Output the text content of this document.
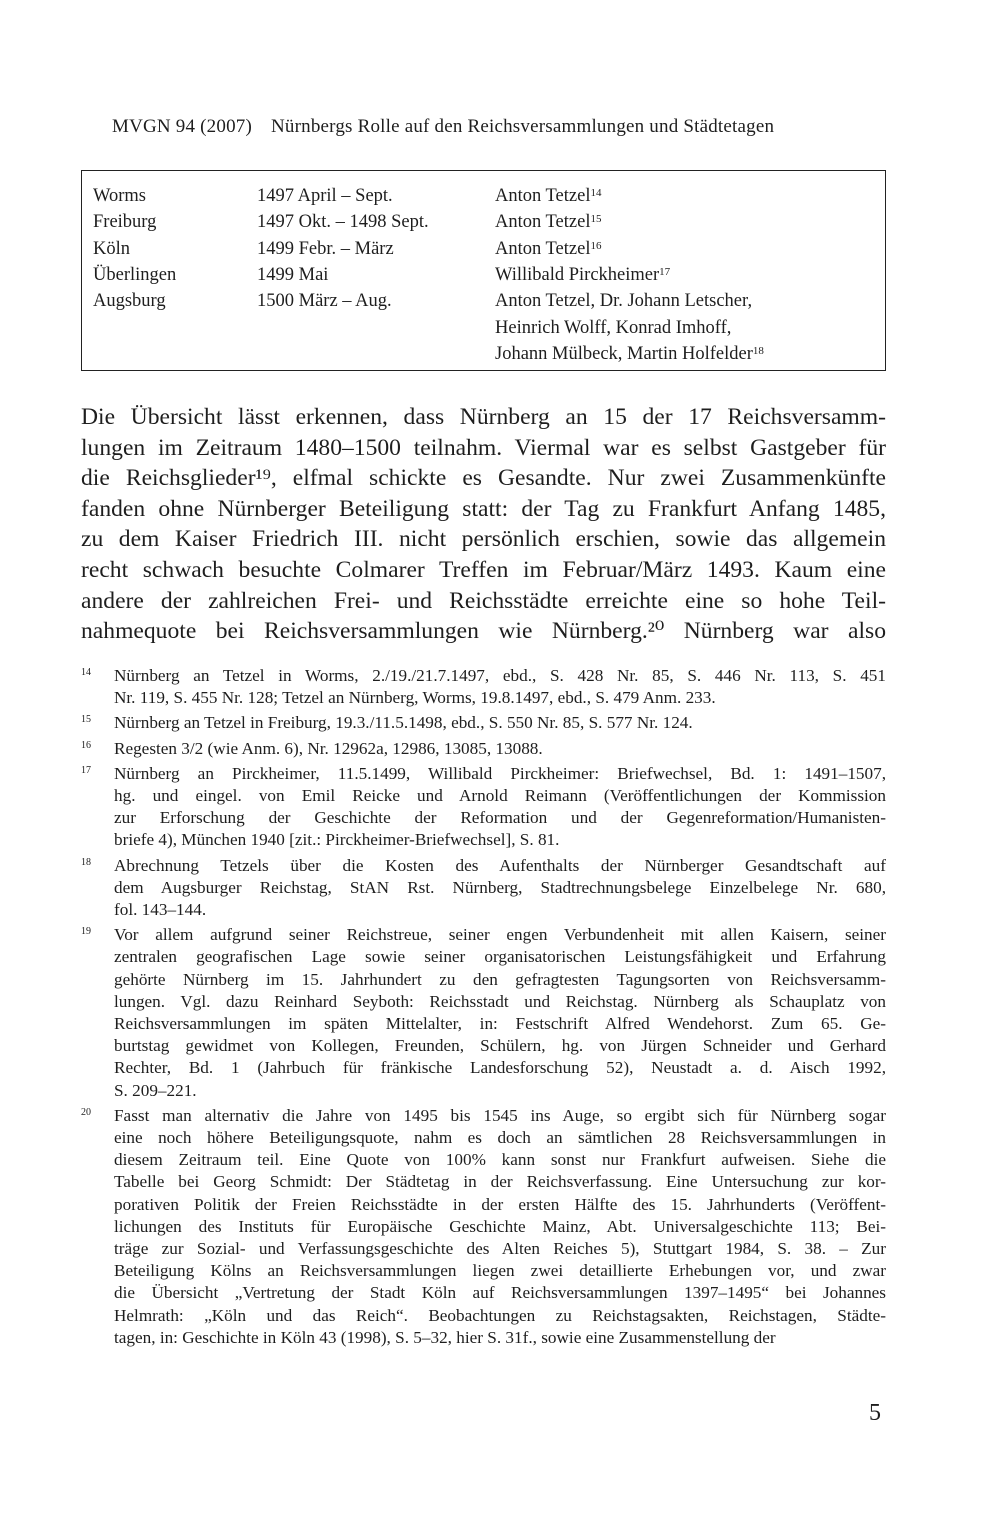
MVGN 94 (2007) Nürnbergs Rolle auf den Reichsversammlungen und Städtetagen
Worms	1497 April – Sept.	Anton Tetzel$^{14}$
Freiburg	1497 Okt. – 1498 Sept.	Anton Tetzel$^{15}$
Köln	1499 Febr. – März	Anton Tetzel$^{16}$
Überlingen	1499 Mai	Willibald Pirckheimer$^{17}$
Augsburg	1500 März – Aug.	Anton Tetzel, Dr. Johann Letscher,
Heinrich Wolff, Konrad Imhoff,
Johann Mülbeck, Martin Holfelder$^{18}$
Die Übersicht lässt erkennen, dass Nürnberg an 15 der 17 Reichsversamm-
lungen im Zeitraum 1480–1500 teilnahm. Viermal war es selbst Gastgeber für
die Reichsglieder¹⁹, elfmal schickte es Gesandte. Nur zwei Zusammenkünfte
fanden ohne Nürnberger Beteiligung statt: der Tag zu Frankfurt Anfang 1485,
zu dem Kaiser Friedrich III. nicht persönlich erschien, sowie das allgemein
recht schwach besuchte Colmarer Treffen im Februar/März 1493. Kaum eine
andere der zahlreichen Frei- und Reichsstädte erreichte eine so hohe Teil-
nahmequote bei Reichsversammlungen wie Nürnberg.²⁰ Nürnberg war also
14 Nürnberg an Tetzel in Worms, 2./19./21.7.1497, ebd., S. 428 Nr. 85, S. 446 Nr. 113, S. 451
Nr. 119, S. 455 Nr. 128; Tetzel an Nürnberg, Worms, 19.8.1497, ebd., S. 479 Anm. 233.
15 Nürnberg an Tetzel in Freiburg, 19.3./11.5.1498, ebd., S. 550 Nr. 85, S. 577 Nr. 124.
16 Regesten 3/2 (wie Anm. 6), Nr. 12962a, 12986, 13085, 13088.
17 Nürnberg an Pirckheimer, 11.5.1499, Willibald Pirckheimer: Briefwechsel, Bd. 1: 1491–1507,
hg. und eingel. von Emil Reicke und Arnold Reimann (Veröffentlichungen der Kommission
zur Erforschung der Geschichte der Reformation und der Gegenreformation/Humanisten-
briefe 4), München 1940 [zit.: Pirckheimer-Briefwechsel], S. 81.
18 Abrechnung Tetzels über die Kosten des Aufenthalts der Nürnberger Gesandtschaft auf
dem Augsburger Reichstag, StAN Rst. Nürnberg, Stadtrechnungsbelege Einzelbelege Nr. 680,
fol. 143–144.
19 Vor allem aufgrund seiner Reichstreue, seiner engen Verbundenheit mit allen Kaisern, seiner
zentralen geografischen Lage sowie seiner organisatorischen Leistungsfähigkeit und Erfahrung
gehörte Nürnberg im 15. Jahrhundert zu den gefragtesten Tagungsorten von Reichsversamm-
lungen. Vgl. dazu Reinhard Seyboth: Reichsstadt und Reichstag. Nürnberg als Schauplatz von
Reichsversammlungen im späten Mittelalter, in: Festschrift Alfred Wendehorst. Zum 65. Ge-
burtstag gewidmet von Kollegen, Freunden, Schülern, hg. von Jürgen Schneider und Gerhard
Rechter, Bd. 1 (Jahrbuch für fränkische Landesforschung 52), Neustadt a. d. Aisch 1992,
S. 209–221.
20 Fasst man alternativ die Jahre von 1495 bis 1545 ins Auge, so ergibt sich für Nürnberg sogar
eine noch höhere Beteiligungsquote, nahm es doch an sämtlichen 28 Reichsversammlungen in
diesem Zeitraum teil. Eine Quote von 100% kann sonst nur Frankfurt aufweisen. Siehe die
Tabelle bei Georg Schmidt: Der Städtetag in der Reichsverfassung. Eine Untersuchung zur kor-
porativen Politik der Freien Reichsstädte in der ersten Hälfte des 15. Jahrhunderts (Veröffent-
lichungen des Instituts für Europäische Geschichte Mainz, Abt. Universalgeschichte 113; Bei-
träge zur Sozial- und Verfassungsgeschichte des Alten Reiches 5), Stuttgart 1984, S. 38. – Zur
Beteiligung Kölns an Reichsversammlungen liegen zwei detaillierte Erhebungen vor, und zwar
die Übersicht „Vertretung der Stadt Köln auf Reichsversammlungen 1397–1495“ bei Johannes
Helmrath: „Köln und das Reich“. Beobachtungen zu Reichstagsakten, Reichstagen, Städte-
tagen, in: Geschichte in Köln 43 (1998), S. 5–32, hier S. 31f., sowie eine Zusammenstellung der
5
